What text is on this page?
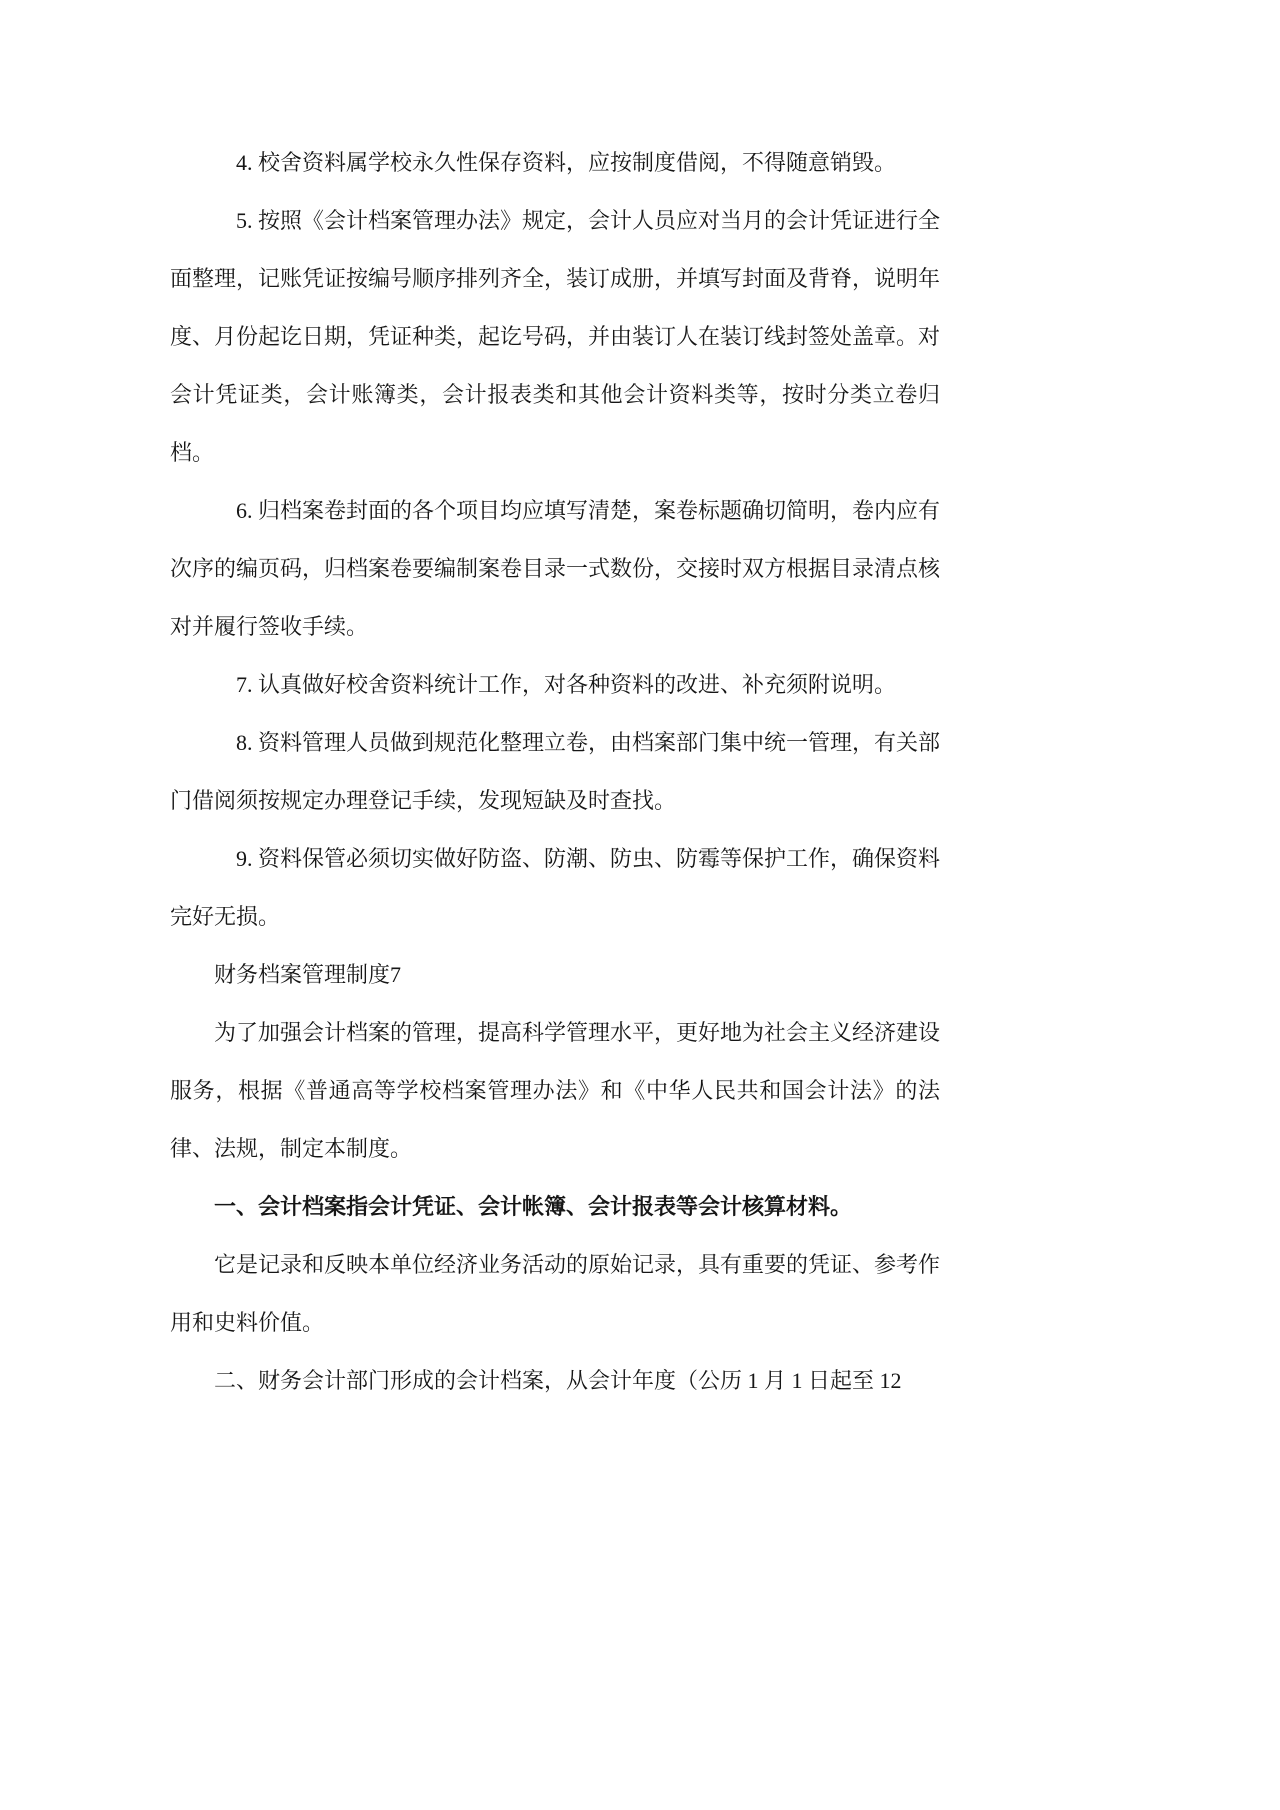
4. 校舍资料属学校永久性保存资料，应按制度借阅，不得随意销毁。

5. 按照《会计档案管理办法》规定，会计人员应对当月的会计凭证进行全面整理，记账凭证按编号顺序排列齐全，装订成册，并填写封面及背脊，说明年度、月份起讫日期，凭证种类，起讫号码，并由装订人在装订线封签处盖章。对会计凭证类，会计账簿类，会计报表类和其他会计资料类等，按时分类立卷归档。

6. 归档案卷封面的各个项目均应填写清楚，案卷标题确切简明，卷内应有次序的编页码，归档案卷要编制案卷目录一式数份，交接时双方根据目录清点核对并履行签收手续。

7. 认真做好校舍资料统计工作，对各种资料的改进、补充须附说明。

8. 资料管理人员做到规范化整理立卷，由档案部门集中统一管理，有关部门借阅须按规定办理登记手续，发现短缺及时查找。

9. 资料保管必须切实做好防盗、防潮、防虫、防霉等保护工作，确保资料完好无损。

财务档案管理制度7

为了加强会计档案的管理，提高科学管理水平，更好地为社会主义经济建设服务，根据《普通高等学校档案管理办法》和《中华人民共和国会计法》的法律、法规，制定本制度。

一、会计档案指会计凭证、会计帐簿、会计报表等会计核算材料。

它是记录和反映本单位经济业务活动的原始记录，具有重要的凭证、参考作用和史料价值。

二、财务会计部门形成的会计档案，从会计年度（公历 1 月 1 日起至 12
